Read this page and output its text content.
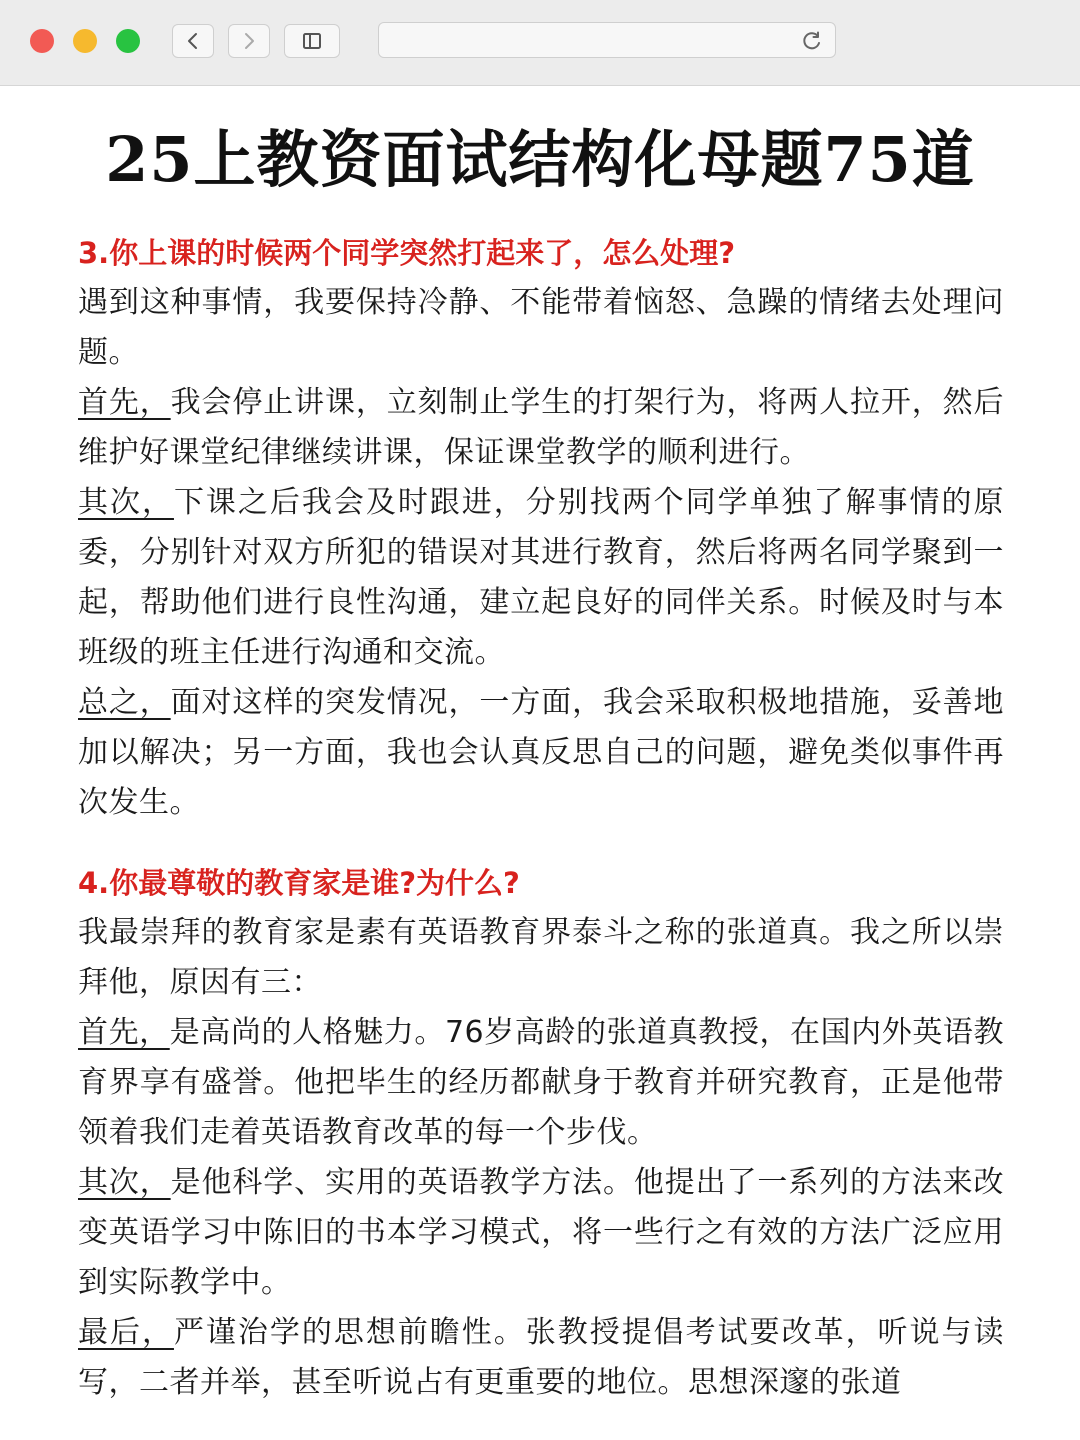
25上教资面试结构化母题75道

3.你上课的时候两个同学突然打起来了，怎么处理?

遇到这种事情，我要保持冷静、不能带着恼怒、急躁的情绪去处理问题。

首先，我会停止讲课，立刻制止学生的打架行为，将两人拉开，然后维护好课堂纪律继续讲课，保证课堂教学的顺利进行。

其次，下课之后我会及时跟进，分别找两个同学单独了解事情的原委，分别针对双方所犯的错误对其进行教育，然后将两名同学聚到一起，帮助他们进行良性沟通，建立起良好的同伴关系。时候及时与本班级的班主任进行沟通和交流。

总之，面对这样的突发情况，一方面，我会采取积极地措施，妥善地加以解决；另一方面，我也会认真反思自己的问题，避免类似事件再次发生。

4.你最尊敬的教育家是谁?为什么?

我最崇拜的教育家是素有英语教育界泰斗之称的张道真。我之所以崇拜他，原因有三：

首先，是高尚的人格魅力。76岁高龄的张道真教授，在国内外英语教育界享有盛誉。他把毕生的经历都献身于教育并研究教育，正是他带领着我们走着英语教育改革的每一个步伐。

其次，是他科学、实用的英语教学方法。他提出了一系列的方法来改变英语学习中陈旧的书本学习模式，将一些行之有效的方法广泛应用到实际教学中。

最后，严谨治学的思想前瞻性。张教授提倡考试要改革，听说与读写，二者并举，甚至听说占有更重要的地位。思想深邃的张道
